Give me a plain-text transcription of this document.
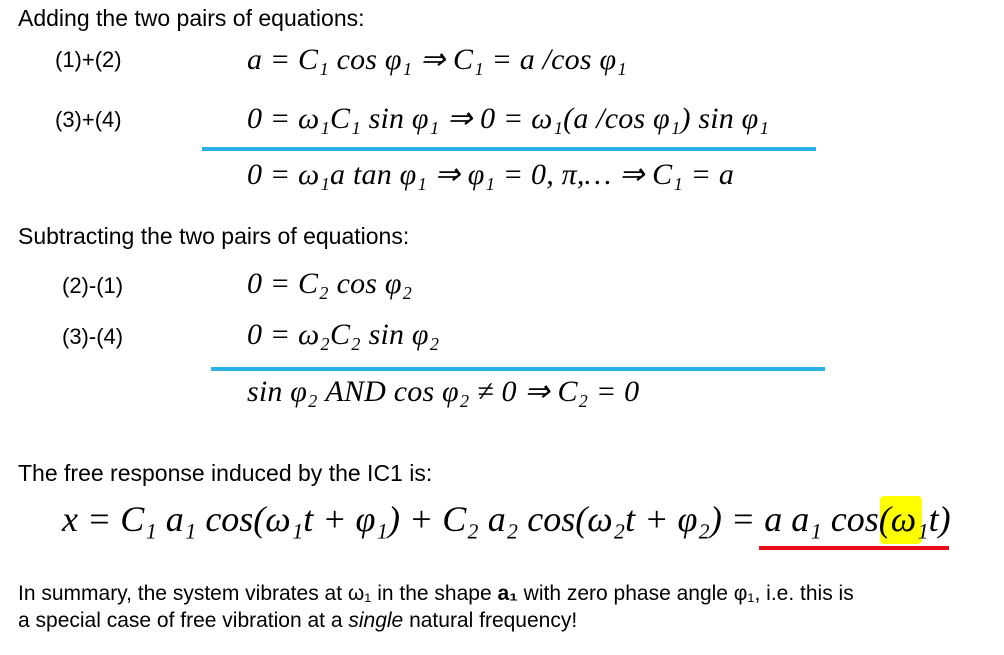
Adding the two pairs of equations:
(1)+(2)	a = C₁ cos φ₁ ⇒ C₁ = a /cos φ₁
(3)+(4)	0 = ω₁C₁ sin φ₁ ⇒ 0 = ω₁(a /cos φ₁) sin φ₁
0 = ω₁a tan φ₁ ⇒ φ₁ = 0, π,… ⇒ C₁ = a
Subtracting the two pairs of equations:
(2)-(1)	0 = C₂ cos φ₂
(3)-(4)	0 = ω₂C₂ sin φ₂
sin φ₂ AND cos φ₂ ≠ 0 ⇒ C₂ = 0
The free response induced by the IC1 is:
x = C₁ a₁ cos(ω₁t + φ₁) + C₂ a₂ cos(ω₂t + φ₂) = a a₁ cos(ω₁t)
In summary, the system vibrates at ω₁ in the shape a₁ with zero phase angle φ₁, i.e. this is
a special case of free vibration at a single natural frequency!
